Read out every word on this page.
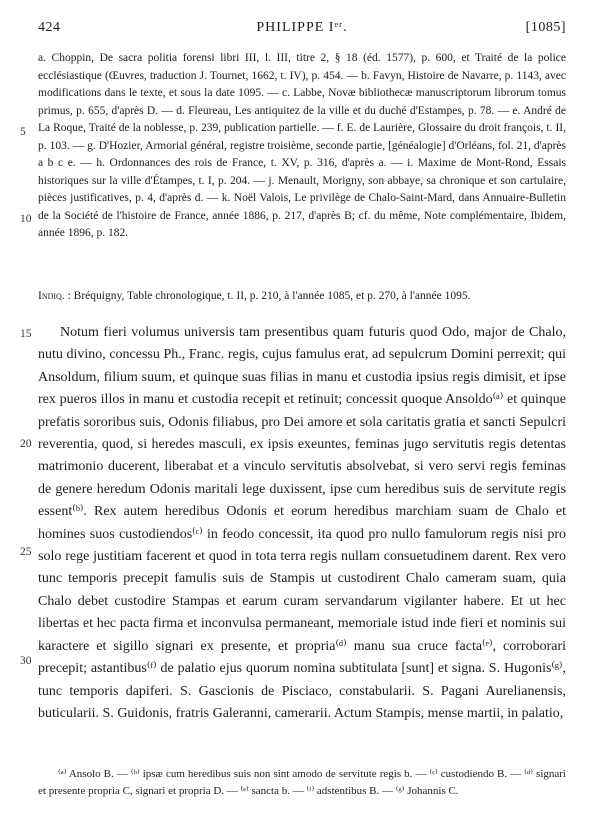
424	PHILIPPE Iᵉʳ.	[1085]
5
10
15
20
25
30

a. Choppin, De sacra politia forensi libri III, l. III, titre 2, § 18 (éd. 1577), p. 600, et Traité de la police ecclésiastique (Œuvres, traduction J. Tournet, 1662, t. IV), p. 454. — b. Favyn, Histoire de Navarre, p. 1143, avec modifications dans le texte, et sous la date 1095. — c. Labbe, Novæ bibliothecæ manuscriptorum librorum tomus primus, p. 655, d'après D. — d. Fleureau, Les antiquitez de la ville et du duché d'Estampes, p. 78. — e. André de La Roque, Traité de la noblesse, p. 239, publication partielle. — f. E. de Laurière, Glossaire du droit françois, t. II, p. 103. — g. D'Hozier, Armorial général, registre troisième, seconde partie, [généalogie] d'Orléans, fol. 21, d'après a b c e. — h. Ordonnances des rois de France, t. XV, p. 316, d'après a. — i. Maxime de Mont-Rond, Essais historiques sur la ville d'Étampes, t. I, p. 204. — j. Menault, Morigny, son abbaye, sa chronique et son cartulaire, pièces justificatives, p. 4, d'après d. — k. Noël Valois, Le privilège de Chalo-Saint-Mard, dans Annuaire-Bulletin de la Société de l'histoire de France, année 1886, p. 217, d'après B; cf. du même, Note complémentaire, Ibidem, année 1896, p. 182.

Indiq. : Bréquigny, Table chronologique, t. II, p. 210, à l'année 1085, et p. 270, à l'année 1095.

Notum fieri volumus universis tam presentibus quam futuris quod Odo, major de Chalo, nutu divino, concessu Ph., Franc. regis, cujus famulus erat, ad sepulcrum Domini perrexit; qui Ansoldum, filium suum, et quinque suas filias in manu et custodia ipsius regis dimisit, et ipse rex pueros illos in manu et custodia recepit et retinuit; concessit quoque Ansoldo⁽ᵃ⁾ et quinque prefatis sororibus suis, Odonis filiabus, pro Dei amore et sola caritatis gratia et sancti Sepulcri reverentia, quod, si heredes masculi, ex ipsis exeuntes, feminas jugo servitutis regis detentas matrimonio ducerent, liberabat et a vinculo servitutis absolvebat, si vero servi regis feminas de genere heredum Odonis maritali lege duxissent, ipse cum heredibus suis de servitute regis essent⁽ᵇ⁾. Rex autem heredibus Odonis et eorum heredibus marchiam suam de Chalo et homines suos custodiendos⁽ᶜ⁾ in feodo concessit, ita quod pro nullo famulorum regis nisi pro solo rege justitiam facerent et quod in tota terra regis nullam consuetudinem darent. Rex vero tunc temporis precepit famulis suis de Stampis ut custodirent Chalo cameram suam, quia Chalo debet custodire Stampas et earum curam servandarum vigilanter habere. Et ut hec libertas et hec pacta firma et inconvulsa permaneant, memoriale istud inde fieri et nominis sui karactere et sigillo signari ex presente, et propria⁽ᵈ⁾ manu sua cruce facta⁽ᵉ⁾, corroborari precepit; astantibus⁽ᶠ⁾ de palatio ejus quorum nomina subtitulata [sunt] et signa. S. Hugonis⁽ᵍ⁾, tunc temporis dapiferi. S. Gascionis de Pisciaco, constabularii. S. Pagani Aurelianensis, buticularii. S. Guidonis, fratris Galeranni, camerarii. Actum Stampis, mense martii, in palatio,

⁽ᵃ⁾ Ansolo B. — ⁽ᵇ⁾ ipsæ cum heredibus suis non sint amodo de servitute regis b. — ⁽ᶜ⁾ custodiendo B. — ⁽ᵈ⁾ signari et presente propria C, signari et propria D. — ⁽ᵉ⁾ sancta b. — ⁽ᶠ⁾ adstentibus B. — ⁽ᵍ⁾ Johannis C.
